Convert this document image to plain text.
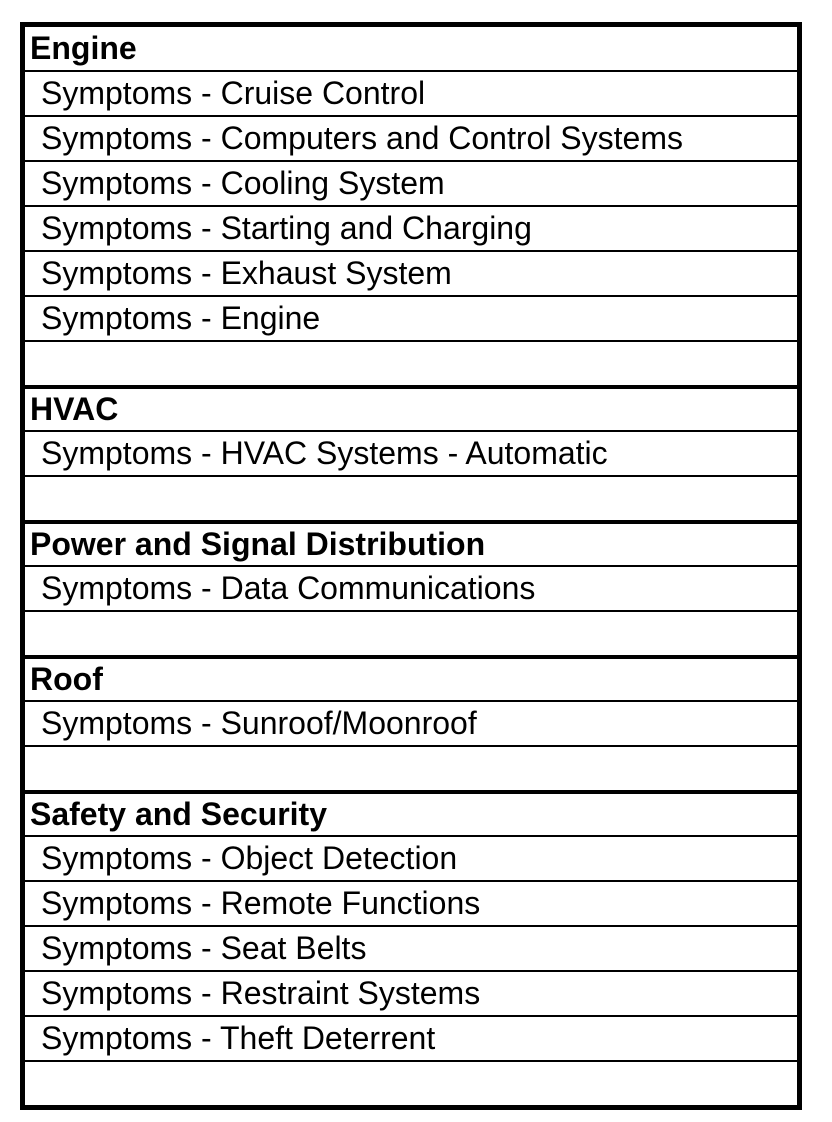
Engine
Symptoms - Cruise Control
Symptoms - Computers and Control Systems
Symptoms - Cooling System
Symptoms - Starting and Charging
Symptoms - Exhaust System
Symptoms - Engine
HVAC
Symptoms - HVAC Systems - Automatic
Power and Signal Distribution
Symptoms - Data Communications
Roof
Symptoms - Sunroof/Moonroof
Safety and Security
Symptoms - Object Detection
Symptoms - Remote Functions
Symptoms - Seat Belts
Symptoms - Restraint Systems
Symptoms - Theft Deterrent
